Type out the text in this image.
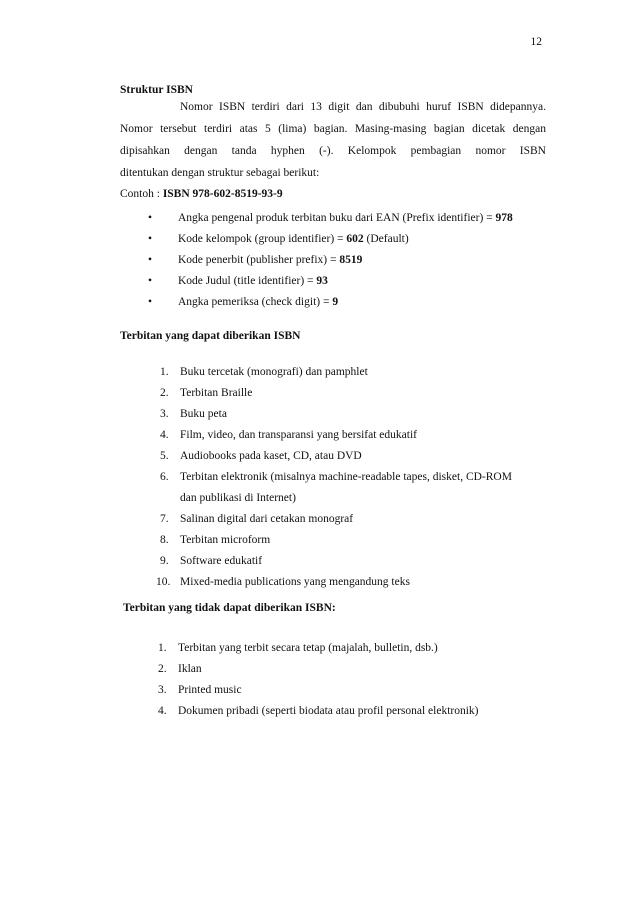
12
Struktur ISBN
Nomor ISBN terdiri dari 13 digit dan dibubuhi huruf ISBN didepannya.
Nomor tersebut terdiri atas 5 (lima) bagian. Masing-masing bagian dicetak dengan
dipisahkan dengan tanda hyphen (-). Kelompok pembagian nomor ISBN
ditentukan dengan struktur sebagai berikut:
Contoh : ISBN 978-602-8519-93-9
• Angka pengenal produk terbitan buku dari EAN (Prefix identifier) = 978
• Kode kelompok (group identifier) = 602 (Default)
• Kode penerbit (publisher prefix) = 8519
• Kode Judul (title identifier) = 93
• Angka pemeriksa (check digit) = 9
Terbitan yang dapat diberikan ISBN
1. Buku tercetak (monografi) dan pamphlet
2. Terbitan Braille
3. Buku peta
4. Film, video, dan transparansi yang bersifat edukatif
5. Audiobooks pada kaset, CD, atau DVD
6. Terbitan elektronik (misalnya machine-readable tapes, disket, CD-ROM
dan publikasi di Internet)
7. Salinan digital dari cetakan monograf
8. Terbitan microform
9. Software edukatif
10. Mixed-media publications yang mengandung teks
Terbitan yang tidak dapat diberikan ISBN:
1. Terbitan yang terbit secara tetap (majalah, bulletin, dsb.)
2. Iklan
3. Printed music
4. Dokumen pribadi (seperti biodata atau profil personal elektronik)
